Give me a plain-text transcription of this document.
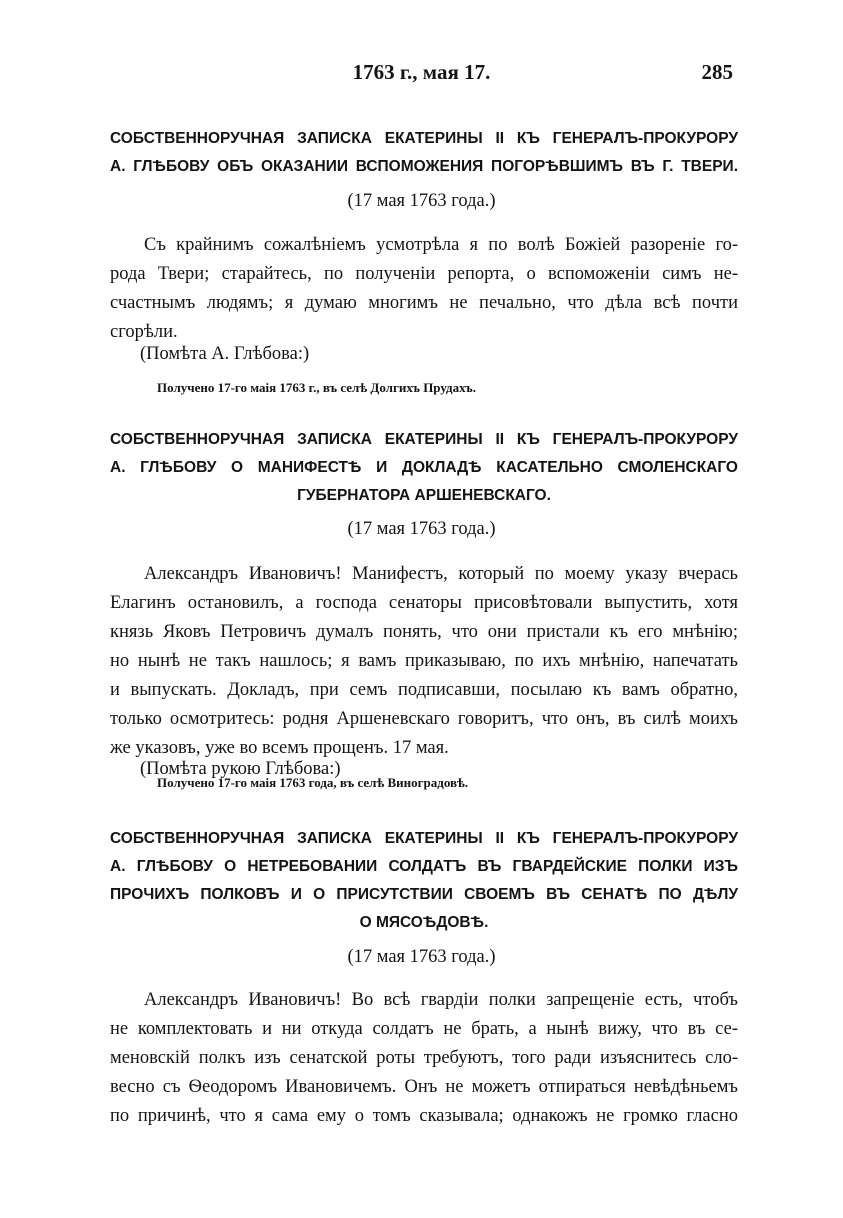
1763 г., мая 17.	285
СОБСТВЕННОРУЧНАЯ ЗАПИСКА ЕКАТЕРИНЫ II КЪ ГЕНЕРАЛЪ-ПРОКУРОРУ
А. ГЛѢБОВУ ОБЪ ОКАЗАНИИ ВСПОМОЖЕНИЯ ПОГОРѢВШИМЪ ВЪ Г. ТВЕРИ.
(17 мая 1763 года.)
Съ крайнимъ сожалѣніемъ усмотрѣла я по волѣ Божiей разореніе го-
рода Твери; старайтесь, по полученіи репорта, о вспоможеніи симъ не-
счастнымъ людямъ; я думаю многимъ не печально, что дѣла всѣ почти
сгорѣли.
(Помѣта А. Глѣбова:)
Получено 17-го маія 1763 г., въ селѣ Долгихъ Прудахъ.
СОБСТВЕННОРУЧНАЯ ЗАПИСКА ЕКАТЕРИНЫ II КЪ ГЕНЕРАЛЪ-ПРОКУРОРУ
А. ГЛѢБОВУ О МАНИФЕСТѢ И ДОКЛАДѢ КАСАТЕЛЬНО СМОЛЕНСКАГО
ГУБЕРНАТОРА АРШЕНЕВСКАГО.
(17 мая 1763 года.)
Александръ Ивановичъ! Манифестъ, который по моему указу вчерась
Елагинъ остановилъ, а господа сенаторы присовѣтовали выпустить, хотя
князь Яковъ Петровичъ думалъ понять, что они пристали къ его мнѣнію;
но нынѣ не такъ нашлось; я вамъ приказываю, по ихъ мнѣнію, напечатать
и выпускать. Докладъ, при семъ подписавши, посылаю къ вамъ обратно,
только осмотритесь: родня Аршеневскаго говоритъ, что онъ, въ силѣ моихъ
же указовъ, уже во всемъ прощенъ. 17 мая.
(Помѣта рукою Глѣбова:)
Получено 17-го маія 1763 года, въ селѣ Виноградовѣ.
СОБСТВЕННОРУЧНАЯ ЗАПИСКА ЕКАТЕРИНЫ II КЪ ГЕНЕРАЛЪ-ПРОКУРОРУ
А. ГЛѢБОВУ О НЕТРЕБОВАНИИ СОЛДАТЪ ВЪ ГВАРДЕЙСКИЕ ПОЛКИ ИЗЪ
ПРОЧИХЪ ПОЛКОВЪ И О ПРИСУТСТВИИ СВОЕМЪ ВЪ СЕНАТѢ ПО ДѢЛУ
О МЯСОѢДОВѢ.
(17 мая 1763 года.)
Александръ Ивановичъ! Во всѣ гвардіи полки запрещеніе есть, чтобъ
не комплектовать и ни откуда солдатъ не брать, а нынѣ вижу, что въ се-
меновскій полкъ изъ сенатской роты требуютъ, того ради изъяснитесь сло-
весно съ Ѳеодоромъ Ивановичемъ. Онъ не можетъ отпираться невѣдѣньемъ
по причинѣ, что я сама ему о томъ сказывала; однакожъ не громко гласно
